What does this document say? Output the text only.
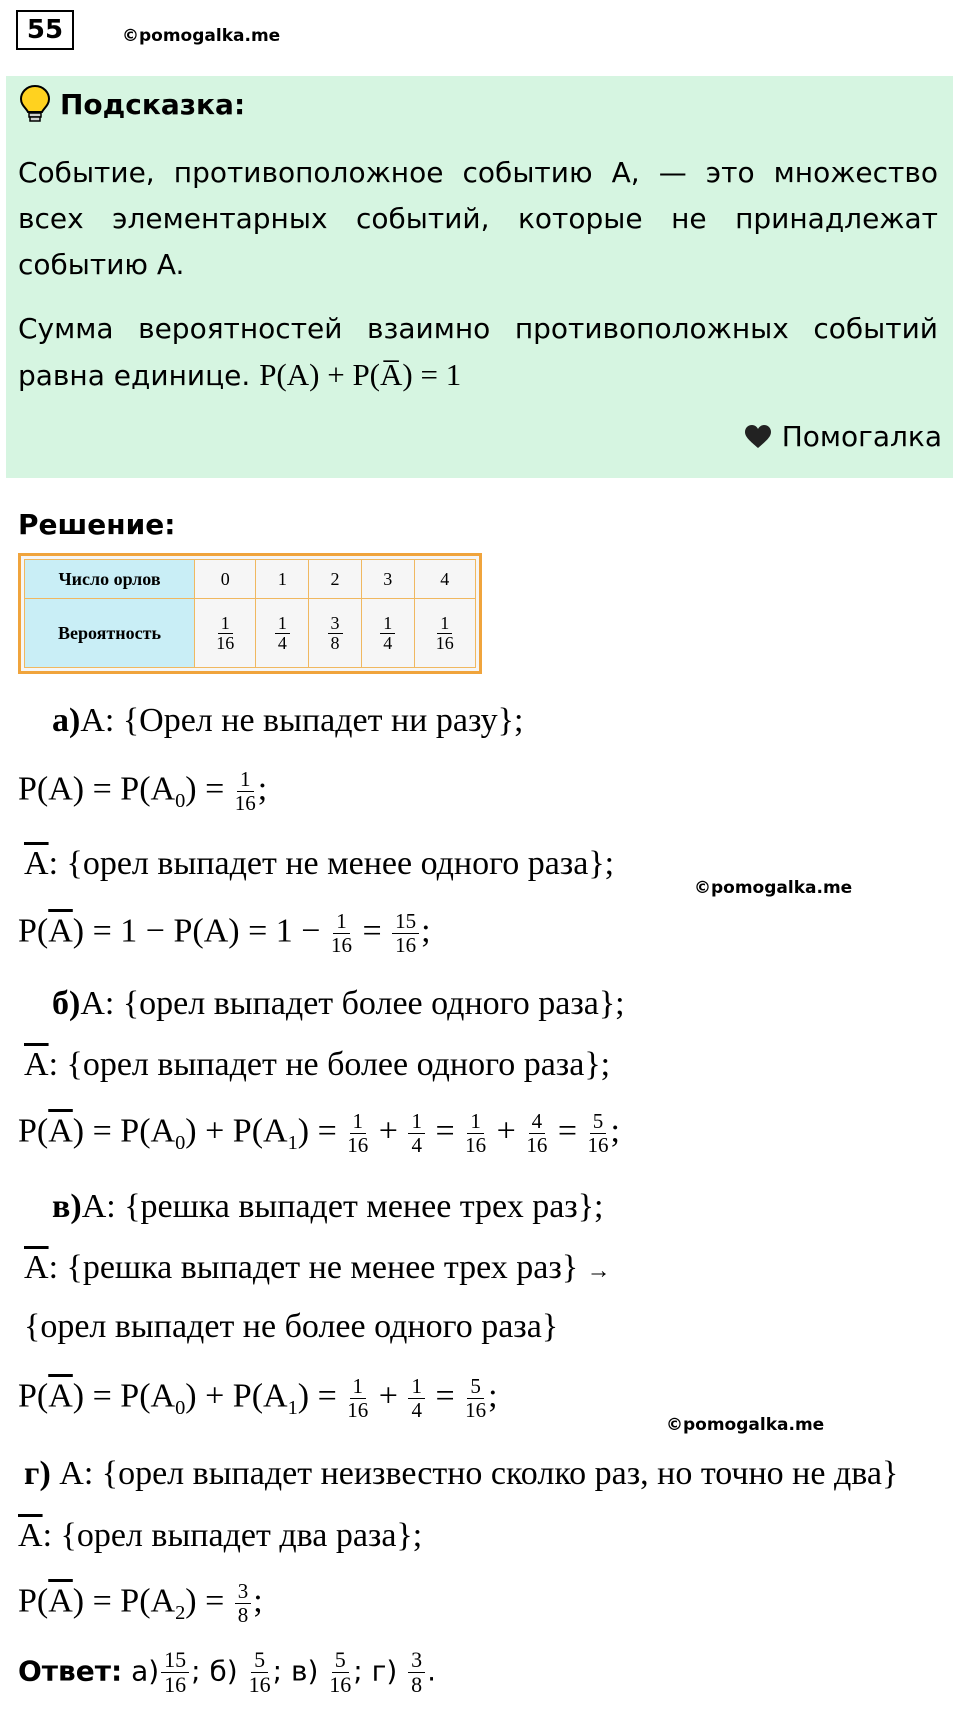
55	©pomogalka.me
Подсказка:
Событие, противоположное событию A, — это множество всех элементарных событий, которые не принадлежат событию A.
Сумма вероятностей взаимно противоположных событий равна единице. P(A) + P(A̅) = 1
Помогалка
Решение:
Число орлов	0	1	2	3	4
Вероятность	$\frac{1}{16}$	$\frac{1}{4}$	$\frac{3}{8}$	$\frac{1}{4}$	$\frac{1}{16}$
а)A: {Орел не выпадет ни разу};
$P(A) = P(A_0) = \frac{1}{16}$ ;
$\overline{A}$: {орел выпадет не менее одного раза};
©pomogalka.me
$P(\overline{A}) = 1 - P(A) = 1 - \frac{1}{16} = \frac{15}{16}$ ;
б)A: {орел выпадет более одного раза};
$\overline{A}$: {орел выпадет не более одного раза};
$P(\overline{A}) = P(A_0) + P(A_1) = \frac{1}{16} + \frac{1}{4} = \frac{1}{16} + \frac{4}{16} = \frac{5}{16}$ ;
в)A: {решка выпадет менее трех раз};
$\overline{A}$: {решка выпадет не менее трех раз} →
{орел выпадет не более одного раза}
$P(\overline{A}) = P(A_0) + P(A_1) = \frac{1}{16} + \frac{1}{4} = \frac{5}{16}$ ;
©pomogalka.me
г) A: {орел выпадет неизвестно сколко раз, но точно не два}
$\overline{A}$: {орел выпадет два раза};
$P(\overline{A}) = P(A_2) = \frac{3}{8}$ ;
Ответ: $а) \frac{15}{16}$ ; $б) \frac{5}{16}$ ; $в) \frac{5}{16}$ ; $г) \frac{3}{8}$ .
